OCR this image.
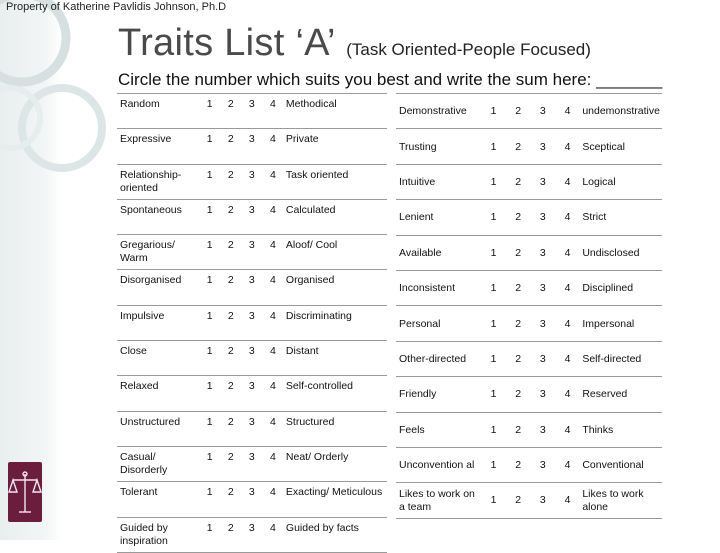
Property of Katherine Pavlidis Johnson, Ph.D
Traits List ‘A’ (Task Oriented-People Focused)
Circle the number which suits you best and write the sum here: _______
Random	1	2	3	4	Methodical
Expressive	1	2	3	4	Private
Relationship-oriented	1	2	3	4	Task oriented
Spontaneous	1	2	3	4	Calculated
Gregarious/ Warm	1	2	3	4	Aloof/ Cool
Disorganised	1	2	3	4	Organised
Impulsive	1	2	3	4	Discriminating
Close	1	2	3	4	Distant
Relaxed	1	2	3	4	Self-controlled
Unstructured	1	2	3	4	Structured
Casual/ Disorderly	1	2	3	4	Neat/ Orderly
Tolerant	1	2	3	4	Exacting/ Meticulous
Guided by inspiration	1	2	3	4	Guided by facts
Demonstrative	1	2	3	4	undemonstrative
Trusting	1	2	3	4	Sceptical
Intuitive	1	2	3	4	Logical
Lenient	1	2	3	4	Strict
Available	1	2	3	4	Undisclosed
Inconsistent	1	2	3	4	Disciplined
Personal	1	2	3	4	Impersonal
Other-directed	1	2	3	4	Self-directed
Friendly	1	2	3	4	Reserved
Feels	1	2	3	4	Thinks
Unconvention al	1	2	3	4	Conventional
Likes to work on a team	1	2	3	4	Likes to work alone
